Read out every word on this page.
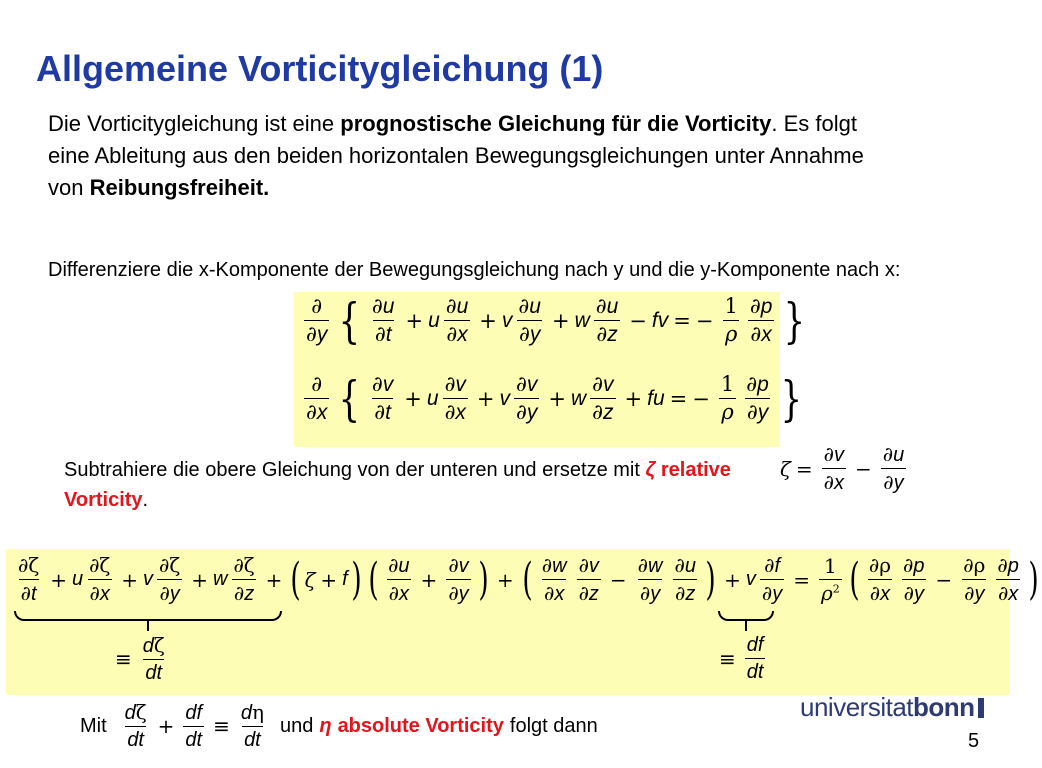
Allgemeine Vorticitygleichung (1)
Die Vorticitygleichung ist eine prognostische Gleichung für die Vorticity. Es folgt eine Ableitung aus den beiden horizontalen Bewegungsgleichungen unter Annahme von Reibungsfreiheit.
Differenziere die x-Komponente der Bewegungsgleichung nach y und die y-Komponente nach x:
∂
∂y { ∂u
∂t
+ u
∂u
∂x
+ v
∂u
∂y
+ w
∂u
∂z
− fv = − $\frac{1}{\rho} \partial p$
∂x }
∂
∂x { ∂v
∂t
+ u
∂v
∂x
+ v
∂v
∂y
+ w
∂v
∂z
+ fu = − $\frac{1}{\rho} \partial p$
∂y }
Subtrahiere die obere Gleichung von der unteren und ersetze mit ζ relative Vorticity.
$\zeta = \frac{\partial v}{\partial x} - \frac{\partial u}{\partial y}$
∂ζ
∂t
+ u
∂ζ
∂x
+ v
∂ζ
∂y
+ w
∂ζ
∂z
+ ( ζ + f ) ( ∂u
∂x
+ $\frac{\partial v}{\partial y}$ ) + ( ∂w
∂x
∂v
∂z
− $\frac{\partial w}{\partial y} \partial u$
∂z ) + v $\frac{\partial f}{\partial y} = \frac{1}{\rho^2}$ ( ∂ρ
∂x
∂p
∂y
− $\frac{\partial\rho}{\partial y} \partial p$
∂x )
≡
dζ
dt
≡
df
dt
Mit
dζ
dt
+ $\frac{df}{dt}$ ≡
dη
dt
und η absolute Vorticity folgt dann
universitatbonn
5
